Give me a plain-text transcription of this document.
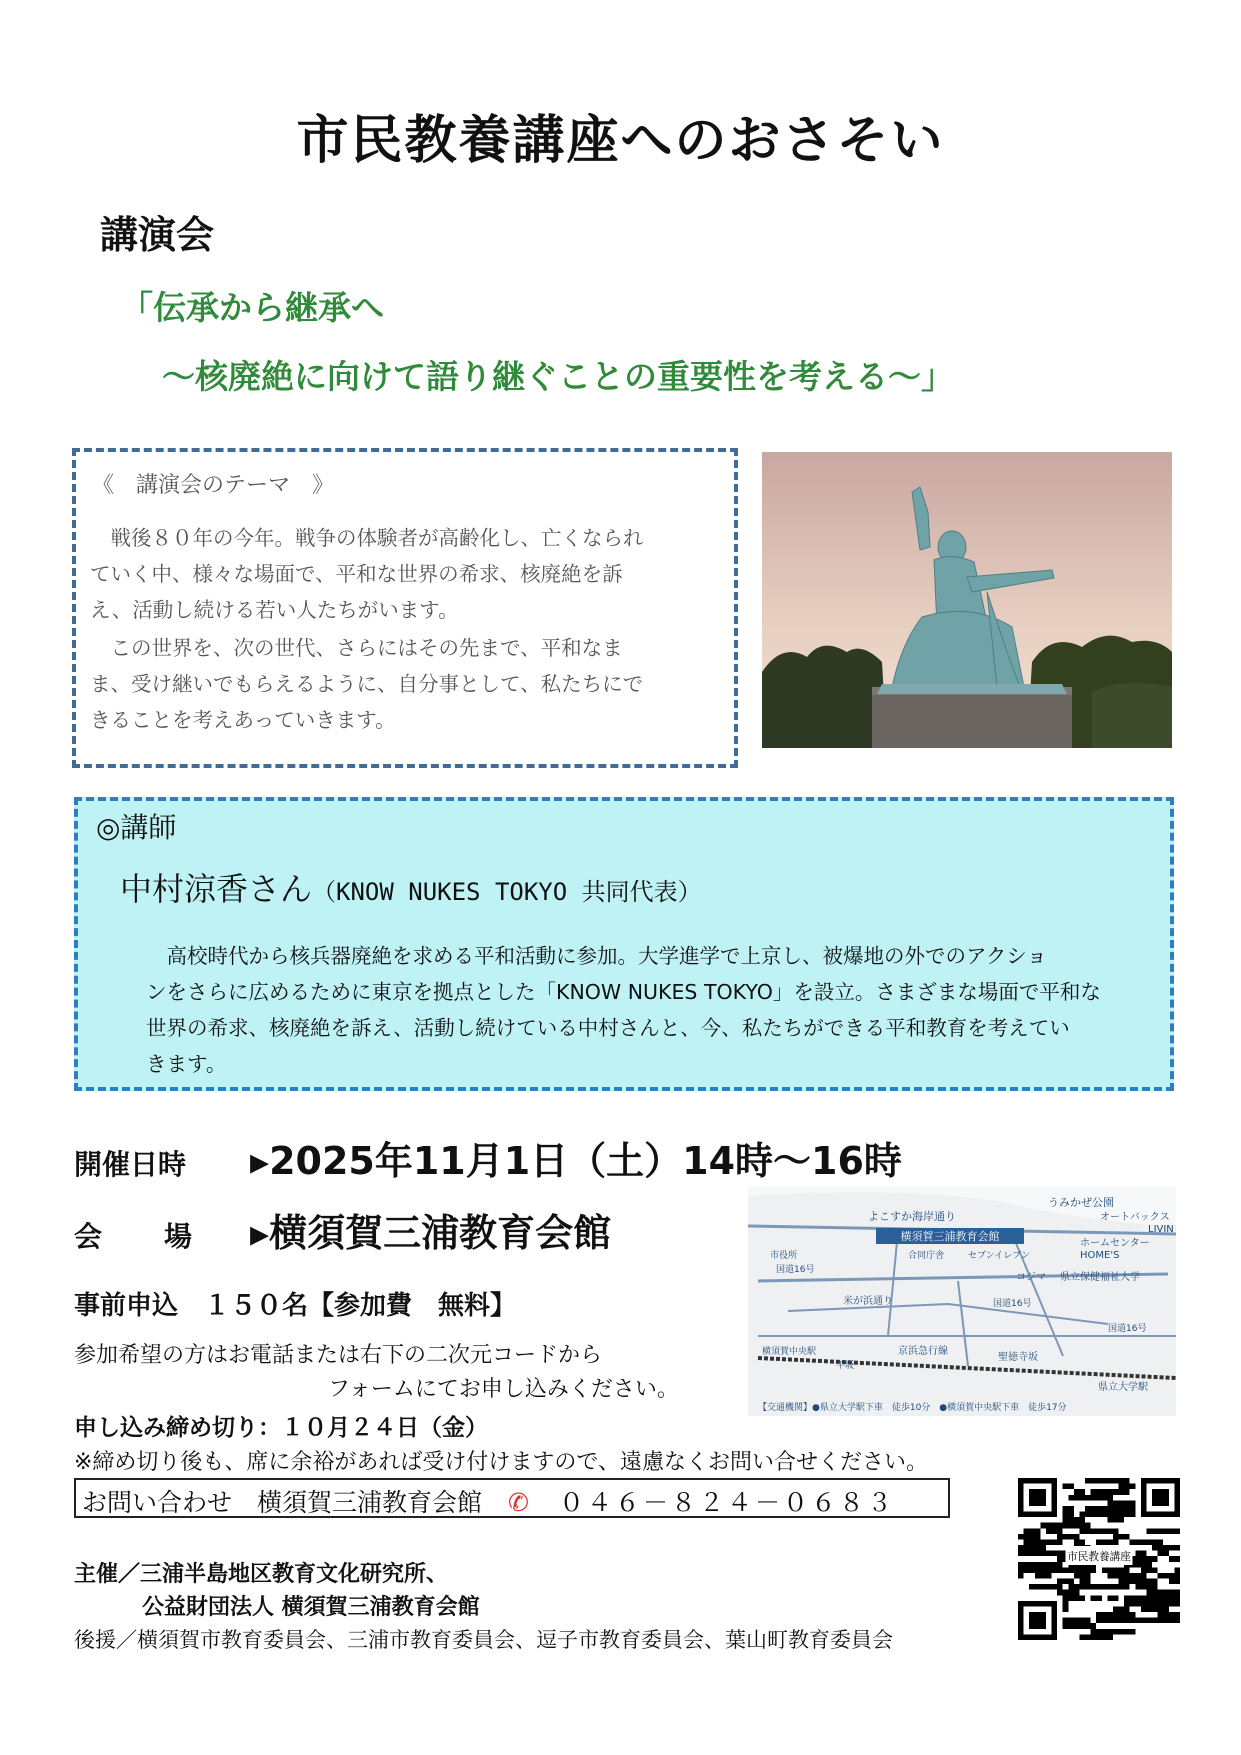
市民教養講座へのおさそい
講演会
「伝承から継承へ
～核廃絶に向けて語り継ぐことの重要性を考える～」
《　講演会のテーマ　》
　戦後８０年の今年。戦争の体験者が高齢化し、亡くなられ
ていく中、様々な場面で、平和な世界の希求、核廃絶を訴
え、活動し続ける若い人たちがいます。
　この世界を、次の世代、さらにはその先まで、平和なま
ま、受け継いでもらえるように、自分事として、私たちにで
きることを考えあっていきます。
◎講師
中村涼香さん（KNOW NUKES TOKYO 共同代表）
　高校時代から核兵器廃絶を求める平和活動に参加。大学進学で上京し、被爆地の外でのアクショ
ンをさらに広めるために東京を拠点とした「KNOW NUKES TOKYO」を設立。さまざまな場面で平和な
世界の希求、核廃絶を訴え、活動し続けている中村さんと、今、私たちができる平和教育を考えてい
きます。
開催日時 ▸2025年11月1日（土）14時～16時
会　　場 ▸横須賀三浦教育会館
事前申込　１５０名【参加費　無料】
参加希望の方はお電話または右下の二次元コードから
フォームにてお申し込みください。
申し込み締め切り：１０月２４日（金）
※締め切り後も、席に余裕があれば受け付けますので、遠慮なくお問い合せください。
お問い合わせ　横須賀三浦教育会館 ✆ ０４６－８２４－０６８３
主催／三浦半島地区教育文化研究所、
公益財団法人 横須賀三浦教育会館
後援／横須賀市教育委員会、三浦市教育委員会、逗子市教育委員会、葉山町教育委員会
横須賀三浦教育会館
うみかぜ公園
よこすか海岸通り	オートバックス
LIVIN
ホームセンター
HOME'S
市役所	合同庁舎	セブンイレブン
国道16号
コジマ 県立保健福祉大学
米が浜通り	国道16号
国道16号
京浜急行線
横須賀中央駅
平坂
聖徳寺坂
県立大学駅
【交通機関】●県立大学駅下車　徒歩10分　●横須賀中央駅下車　徒歩17分
市民教養講座
